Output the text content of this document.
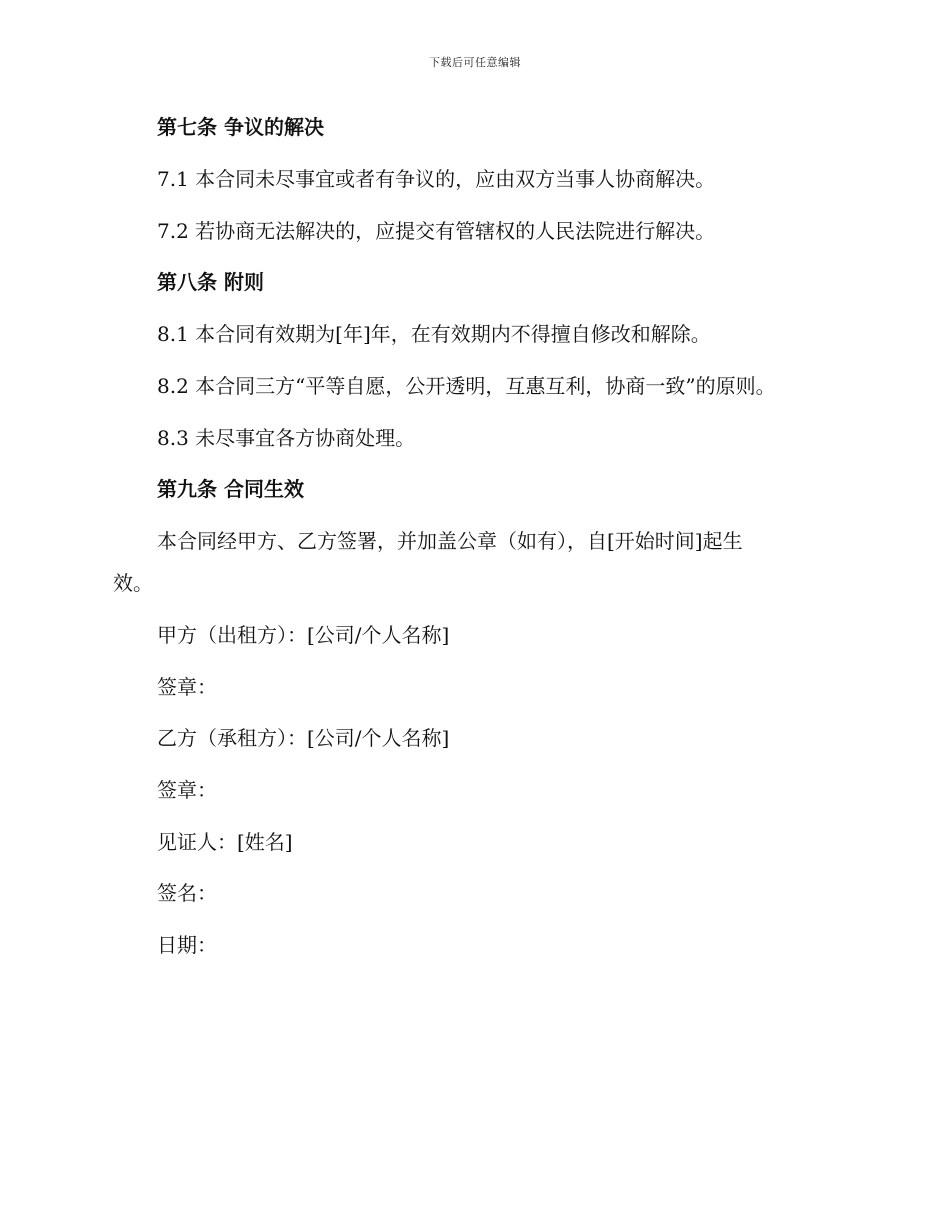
下载后可任意编辑
第七条 争议的解决
7.1 本合同未尽事宜或者有争议的，应由双方当事人协商解决。
7.2 若协商无法解决的，应提交有管辖权的人民法院进行解决。
第八条 附则
8.1 本合同有效期为[年]年，在有效期内不得擅自修改和解除。
8.2 本合同三方“平等自愿，公开透明，互惠互利，协商一致”的原则。
8.3 未尽事宜各方协商处理。
第九条 合同生效
本合同经甲方、乙方签署，并加盖公章（如有），自[开始时间]起生
效。
甲方（出租方）：[公司/个人名称]
签章：
乙方（承租方）：[公司/个人名称]
签章：
见证人：[姓名]
签名：
日期：
